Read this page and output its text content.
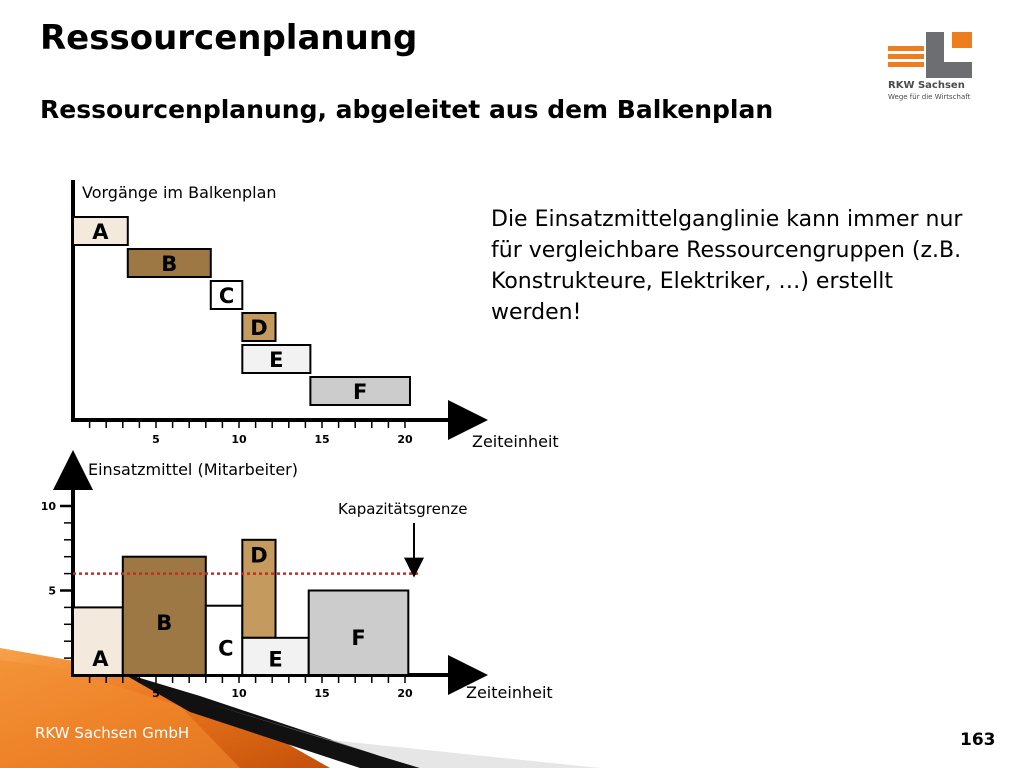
Ressourcenplanung
Ressourcenplanung, abgeleitet aus dem Balkenplan
RKW Sachsen
Wege für die Wirtschaft
Die Einsatzmittelganglinie kann immer nur für vergleichbare Ressourcengruppen (z.B. Konstrukteure, Elektriker, …) erstellt werden!
Vorgänge im Balkenplan
Zeiteinheit
5	10	15	20
A
B
C
D
E
F
Einsatzmittel (Mitarbeiter)
Zeiteinheit
5
10
5	10	15	20
A
B
C
D
E
F
Kapazitätsgrenze
RKW Sachsen GmbH	163
